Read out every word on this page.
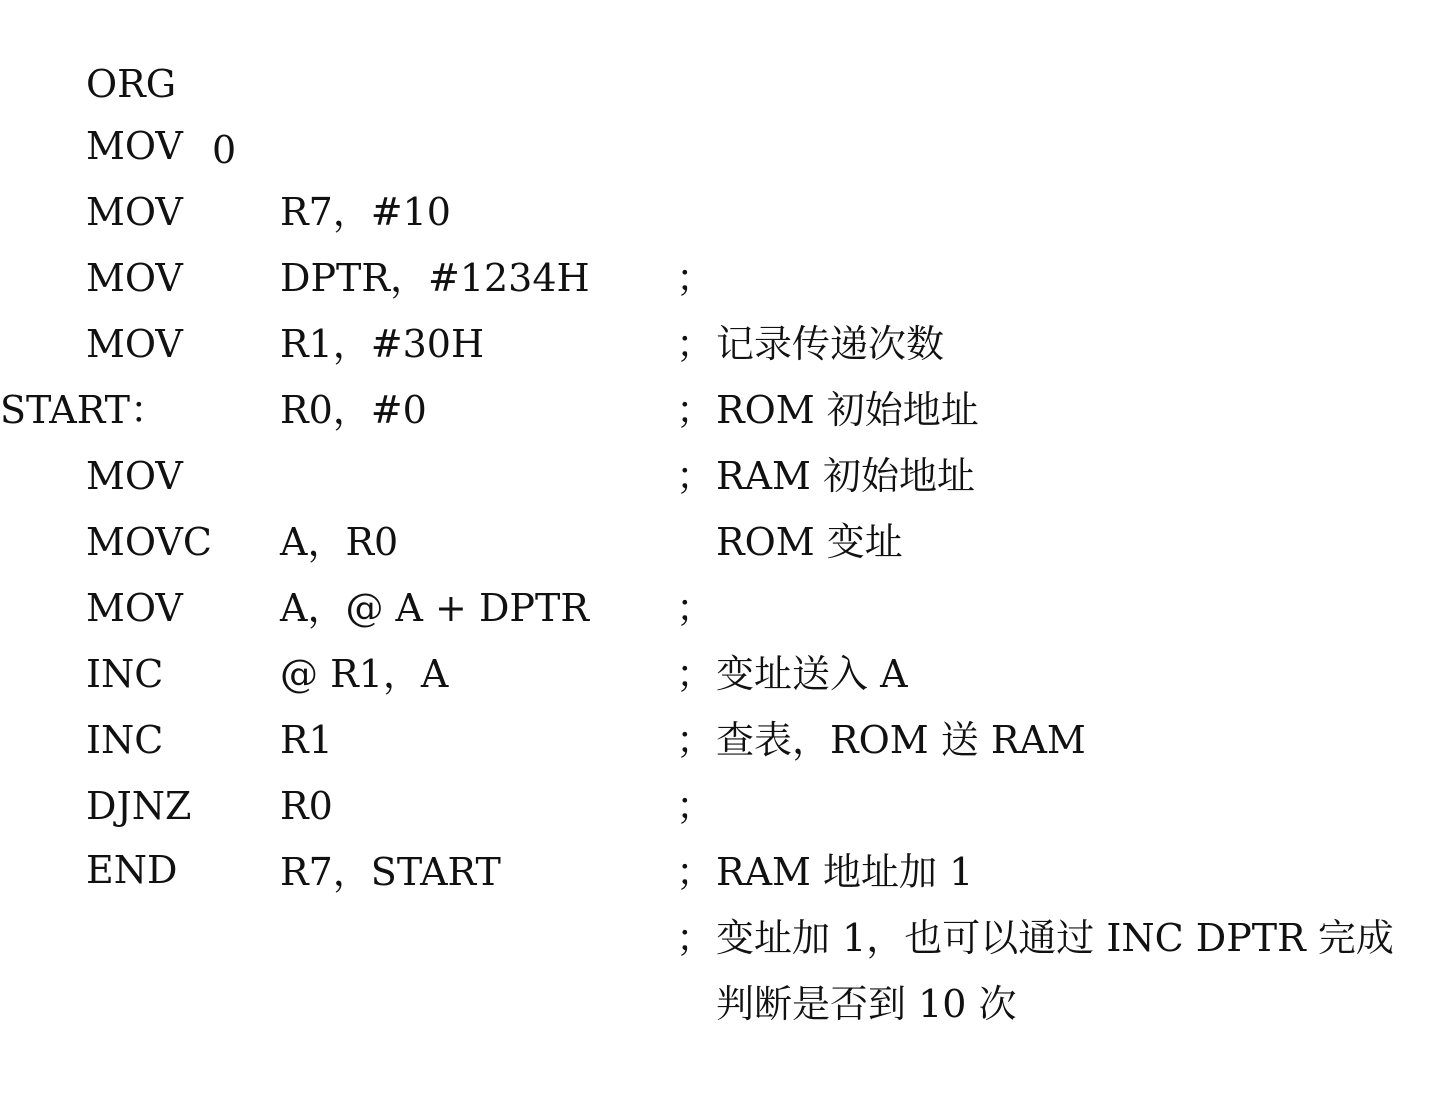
ORG

0

MOV

R7，#10

；

记录传递次数

MOV

DPTR，#1234H

；

ROM 初始地址

MOV

R1，#30H

；

RAM 初始地址

MOV

R0，#0

；

ROM 变址

START：

MOV

A，R0

；

变址送入 A

MOVC

A，@ A + DPTR

；

查表，ROM 送 RAM

MOV

@ R1，A

；

INC

R1

；

RAM 地址加 1

INC

R0

；

变址加 1，也可以通过 INC DPTR 完成

DJNZ

R7，START

；

判断是否到 10 次

END
